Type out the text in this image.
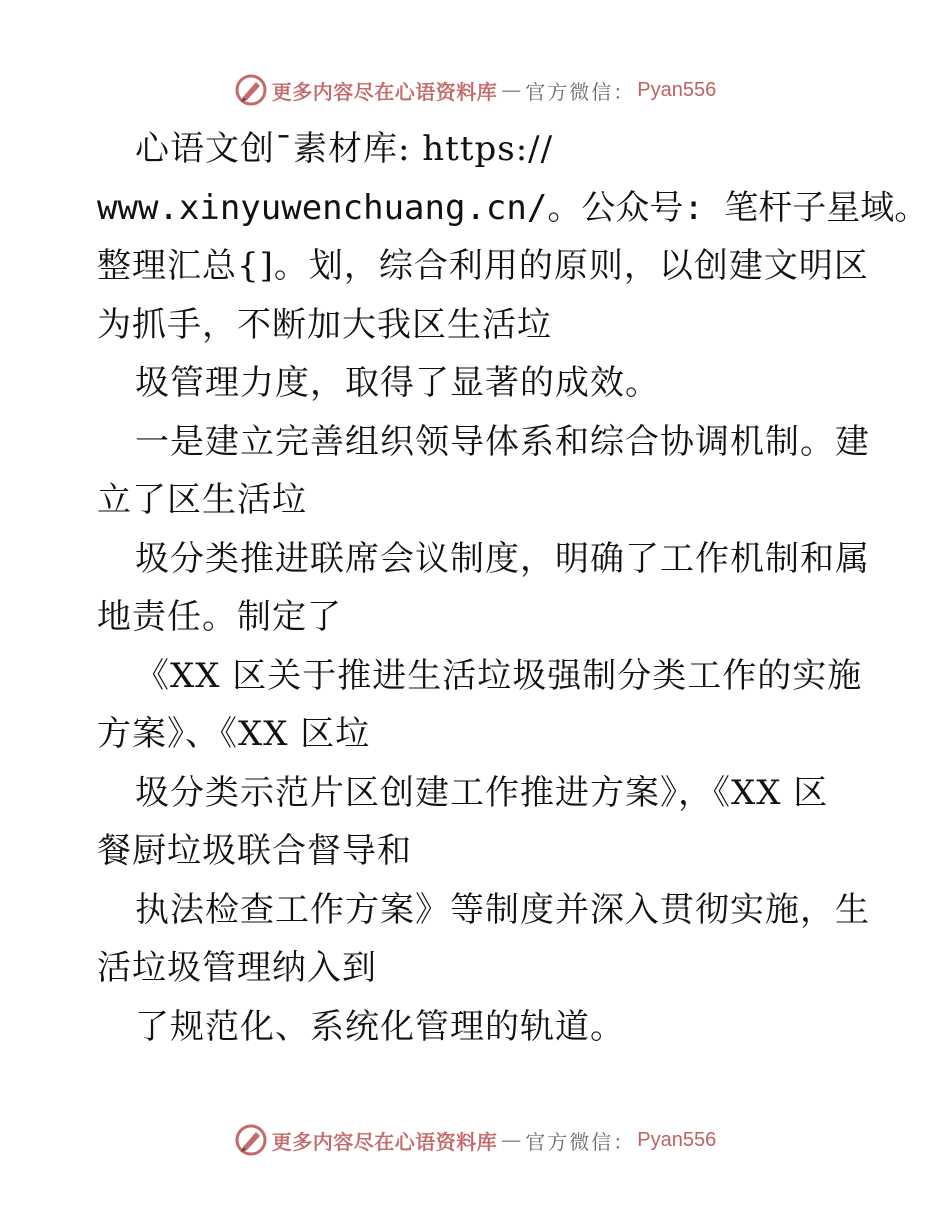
更多内容尽在心语资料库 — 官方微信： Pyan556
心语文创¯素材库: https://
www.xinyuwenchuang.cn/。公众号: 笔杆子星域。
整理汇总{]。划，综合利用的原则，以创建文明区
为抓手，不断加大我区生活垃
圾管理力度，取得了显著的成效。
一是建立完善组织领导体系和综合协调机制。建
立了区生活垃
圾分类推进联席会议制度，明确了工作机制和属
地责任。制定了
《XX 区关于推进生活垃圾强制分类工作的实施
方案》、《XX 区垃
圾分类示范片区创建工作推进方案》，《XX 区
餐厨垃圾联合督导和
执法检查工作方案》等制度并深入贯彻实施，生
活垃圾管理纳入到
了规范化、系统化管理的轨道。
更多内容尽在心语资料库 — 官方微信： Pyan556
